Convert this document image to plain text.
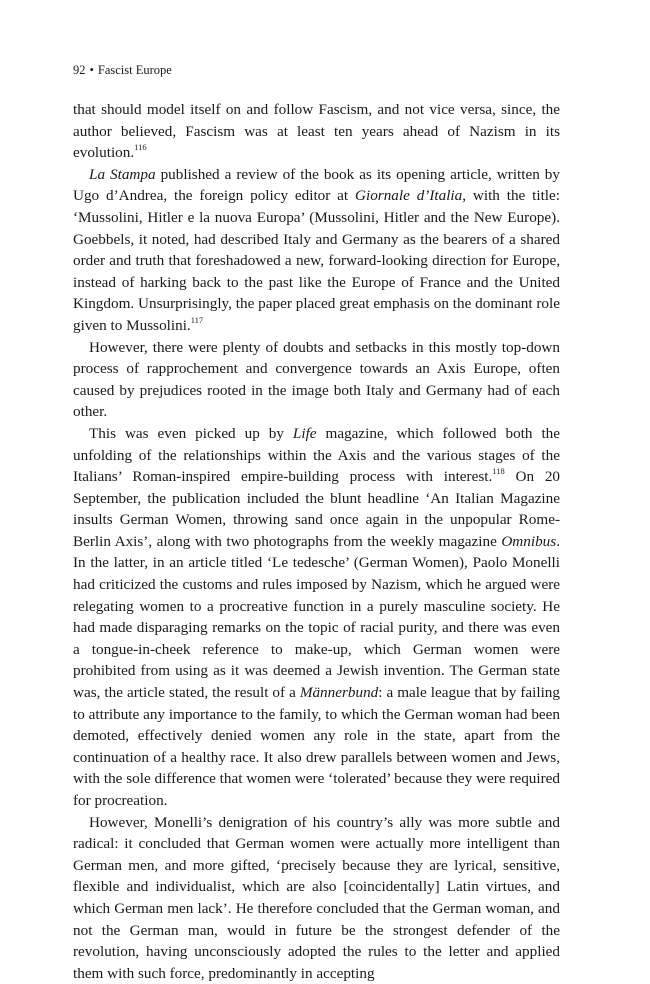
92 • Fascist Europe

that should model itself on and follow Fascism, and not vice versa, since, the author believed, Fascism was at least ten years ahead of Nazism in its evolution.$^{116}$

La Stampa published a review of the book as its opening article, written by Ugo d’Andrea, the foreign policy editor at Giornale d’Italia, with the title: ‘Mussolini, Hitler e la nuova Europa’ (Mussolini, Hitler and the New Europe). Goebbels, it noted, had described Italy and Germany as the bearers of a shared order and truth that foreshadowed a new, forward-looking direction for Europe, instead of harking back to the past like the Europe of France and the United Kingdom. Unsurprisingly, the paper placed great emphasis on the dominant role given to Mussolini.$^{117}$

However, there were plenty of doubts and setbacks in this mostly top-down process of rapprochement and convergence towards an Axis Europe, often caused by prejudices rooted in the image both Italy and Germany had of each other.

This was even picked up by Life magazine, which followed both the unfolding of the relationships within the Axis and the various stages of the Italians’ Roman-inspired empire-building process with interest.$^{118}$ On 20 September, the publication included the blunt headline ‘An Italian Magazine insults German Women, throwing sand once again in the unpopular Rome-Berlin Axis’, along with two photographs from the weekly magazine Omnibus. In the latter, in an article titled ‘Le tedesche’ (German Women), Paolo Monelli had criticized the customs and rules imposed by Nazism, which he argued were relegating women to a procreative function in a purely masculine society. He had made disparaging remarks on the topic of racial purity, and there was even a tongue-in-cheek reference to make-up, which German women were prohibited from using as it was deemed a Jewish invention. The German state was, the article stated, the result of a Männerbund: a male league that by failing to attribute any importance to the family, to which the German woman had been demoted, effectively denied women any role in the state, apart from the continuation of a healthy race. It also drew parallels between women and Jews, with the sole difference that women were ‘tolerated’ because they were required for procreation.

However, Monelli’s denigration of his country’s ally was more subtle and radical: it concluded that German women were actually more intelligent than German men, and more gifted, ‘precisely because they are lyrical, sensitive, flexible and individualist, which are also [coincidentally] Latin virtues, and which German men lack’. He therefore concluded that the German woman, and not the German man, would in future be the strongest defender of the revolution, having unconsciously adopted the rules to the letter and applied them with such force, predominantly in accepting
